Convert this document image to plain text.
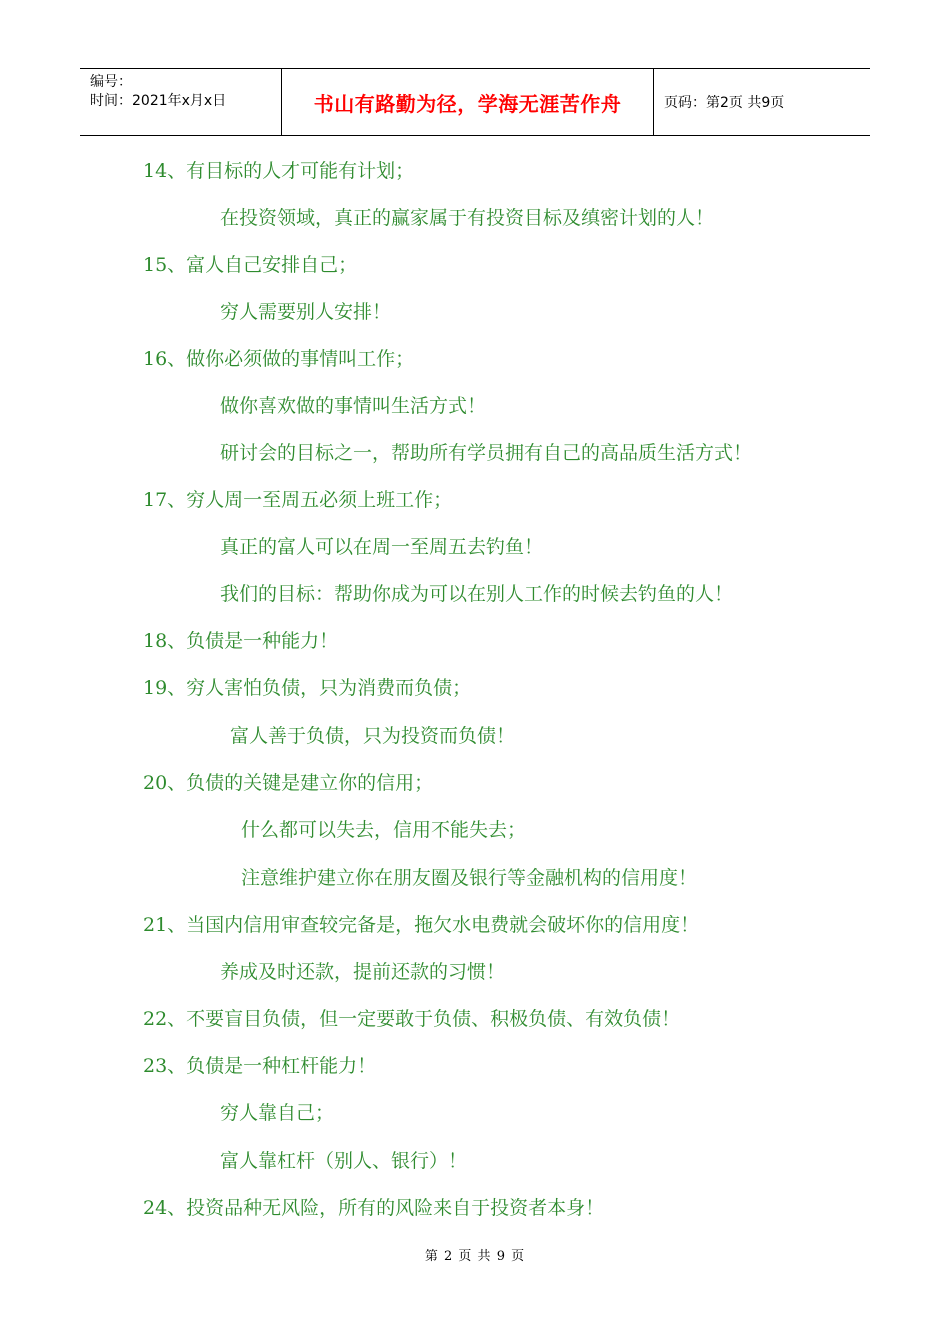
编号：
时间：2021年x月x日	书山有路勤为径，学海无涯苦作舟	页码：第2页 共9页
14、有目标的人才可能有计划；
在投资领域，真正的赢家属于有投资目标及缜密计划的人！
15、富人自己安排自己；
穷人需要别人安排！
16、做你必须做的事情叫工作；
做你喜欢做的事情叫生活方式！
研讨会的目标之一，帮助所有学员拥有自己的高品质生活方式！
17、穷人周一至周五必须上班工作；
真正的富人可以在周一至周五去钓鱼！
我们的目标：帮助你成为可以在别人工作的时候去钓鱼的人！
18、负债是一种能力！
19、穷人害怕负债，只为消费而负债；
富人善于负债，只为投资而负债！
20、负债的关键是建立你的信用；
什么都可以失去，信用不能失去；
注意维护建立你在朋友圈及银行等金融机构的信用度！
21、当国内信用审查较完备是，拖欠水电费就会破坏你的信用度！
养成及时还款，提前还款的习惯！
22、不要盲目负债，但一定要敢于负债、积极负债、有效负债！
23、负债是一种杠杆能力！
穷人靠自己；
富人靠杠杆（别人、银行）！
24、投资品种无风险，所有的风险来自于投资者本身！
第 2 页 共 9 页
